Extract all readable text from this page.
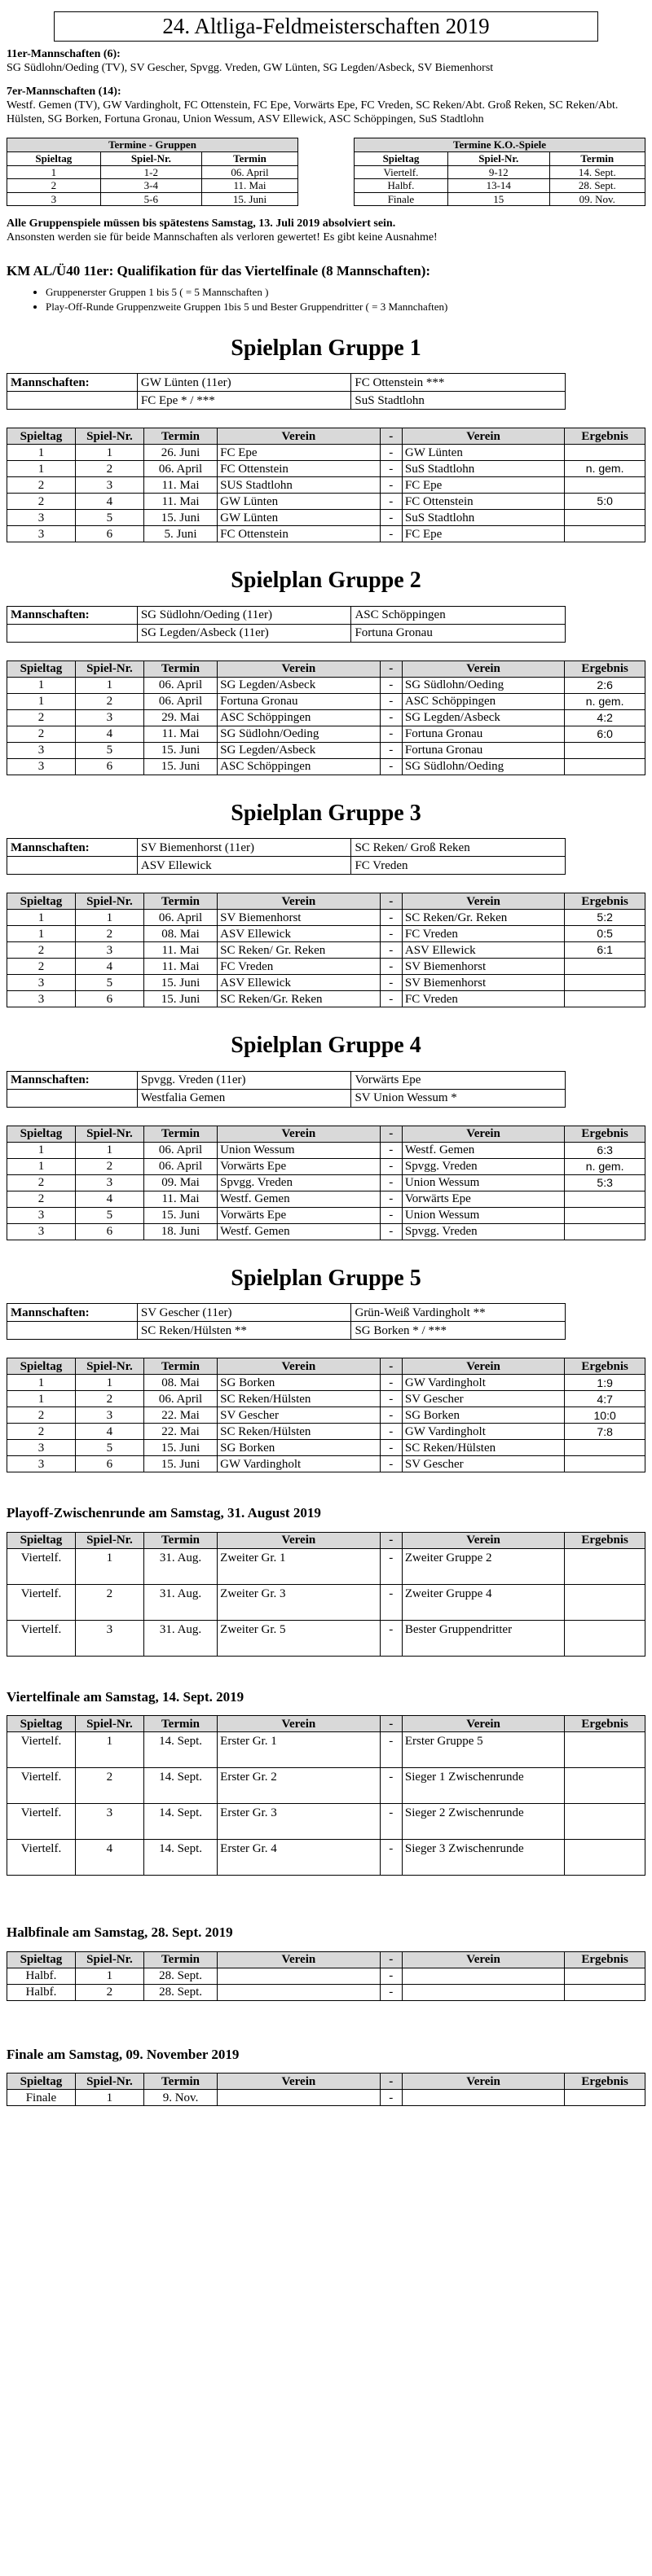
24. Altliga-Feldmeisterschaften 2019

11er-Mannschaften (6):

SG Südlohn/Oeding (TV), SV Gescher, Spvgg. Vreden, GW Lünten, SG Legden/Asbeck, SV Biemenhorst

7er-Mannschaften (14):

Westf. Gemen (TV), GW Vardingholt, FC Ottenstein, FC Epe, Vorwärts Epe, FC Vreden, SC Reken/Abt. Groß Reken, SC Reken/Abt. Hülsten, SG Borken, Fortuna Gronau, Union Wessum, ASV Ellewick, ASC Schöppingen, SuS Stadtlohn

Termine - Gruppen		
Spieltag	Spiel-Nr.	Termin
1	1-2	06. April
2	3-4	11. Mai
3	5-6	15. Juni
Termine K.O.-Spiele		
Spieltag	Spiel-Nr.	Termin
Viertelf.	9-12	14. Sept.
Halbf.	13-14	28. Sept.
Finale	15	09. Nov.

Alle Gruppenspiele müssen bis spätestens Samstag, 13. Juli 2019 absolviert sein.

Ansonsten werden sie für beide Mannschaften als verloren gewertet! Es gibt keine Ausnahme!

KM AL/Ü40 11er: Qualifikation für das Viertelfinale (8 Mannschaften):
• Gruppenerster Gruppen 1 bis 5 ( = 5 Mannschaften )
• Play-Off-Runde Gruppenzweite Gruppen 1bis 5 und Bester Gruppendritter ( = 3 Mannchaften)
Spielplan Gruppe 1
Mannschaften:	GW Lünten (11er)	FC Ottenstein ***
	FC Epe * / ***	SuS Stadtlohn
Spieltag	Spiel-Nr.	Termin	Verein	-	Verein	Ergebnis
1	1	26. Juni	FC Epe	-	GW Lünten	
1	2	06. April	FC Ottenstein	-	SuS Stadtlohn	n. gem.
2	3	11. Mai	SUS Stadtlohn	-	FC Epe	
2	4	11. Mai	GW Lünten	-	FC Ottenstein	5:0
3	5	15. Juni	GW Lünten	-	SuS Stadtlohn	
3	6	5. Juni	FC Ottenstein	-	FC Epe	
Spielplan Gruppe 2
Mannschaften:	SG Südlohn/Oeding (11er)	ASC Schöppingen
	SG Legden/Asbeck (11er)	Fortuna Gronau
Spieltag	Spiel-Nr.	Termin	Verein	-	Verein	Ergebnis
1	1	06. April	SG Legden/Asbeck	-	SG Südlohn/Oeding	2:6
1	2	06. April	Fortuna Gronau	-	ASC Schöppingen	n. gem.
2	3	29. Mai	ASC Schöppingen	-	SG Legden/Asbeck	4:2
2	4	11. Mai	SG Südlohn/Oeding	-	Fortuna Gronau	6:0
3	5	15. Juni	SG Legden/Asbeck	-	Fortuna Gronau	
3	6	15. Juni	ASC Schöppingen	-	SG Südlohn/Oeding	
Spielplan Gruppe 3
Mannschaften:	SV Biemenhorst (11er)	SC Reken/ Groß Reken
	ASV Ellewick	FC Vreden
Spieltag	Spiel-Nr.	Termin	Verein	-	Verein	Ergebnis
1	1	06. April	SV Biemenhorst	-	SC Reken/Gr. Reken	5:2
1	2	08. Mai	ASV Ellewick	-	FC Vreden	0:5
2	3	11. Mai	SC Reken/ Gr. Reken	-	ASV Ellewick	6:1
2	4	11. Mai	FC Vreden	-	SV Biemenhorst	
3	5	15. Juni	ASV Ellewick	-	SV Biemenhorst	
3	6	15. Juni	SC Reken/Gr. Reken	-	FC Vreden	
Spielplan Gruppe 4
Mannschaften:	Spvgg. Vreden (11er)	Vorwärts Epe
	Westfalia Gemen	SV Union Wessum *
Spieltag	Spiel-Nr.	Termin	Verein	-	Verein	Ergebnis
1	1	06. April	Union Wessum	-	Westf. Gemen	6:3
1	2	06. April	Vorwärts Epe	-	Spvgg. Vreden	n. gem.
2	3	09. Mai	Spvgg. Vreden	-	Union Wessum	5:3
2	4	11. Mai	Westf. Gemen	-	Vorwärts Epe	
3	5	15. Juni	Vorwärts Epe	-	Union Wessum	
3	6	18. Juni	Westf. Gemen	-	Spvgg. Vreden	
Spielplan Gruppe 5
Mannschaften:	SV Gescher (11er)	Grün-Weiß Vardingholt **
	SC Reken/Hülsten **	SG Borken * / ***
Spieltag	Spiel-Nr.	Termin	Verein	-	Verein	Ergebnis
1	1	08. Mai	SG Borken	-	GW Vardingholt	1:9
1	2	06. April	SC Reken/Hülsten	-	SV Gescher	4:7
2	3	22. Mai	SV Gescher	-	SG Borken	10:0
2	4	22. Mai	SC Reken/Hülsten	-	GW Vardingholt	7:8
3	5	15. Juni	SG Borken	-	SC Reken/Hülsten	
3	6	15. Juni	GW Vardingholt	-	SV Gescher	
Playoff-Zwischenrunde am Samstag, 31. August 2019
Spieltag	Spiel-Nr.	Termin	Verein	-	Verein	Ergebnis
Viertelf.	1	31. Aug.	Zweiter Gr. 1	-	Zweiter Gruppe 2	
Viertelf.	2	31. Aug.	Zweiter Gr. 3	-	Zweiter Gruppe 4	
Viertelf.	3	31. Aug.	Zweiter Gr. 5	-	Bester Gruppendritter	
Viertelfinale am Samstag, 14. Sept. 2019
Spieltag	Spiel-Nr.	Termin	Verein	-	Verein	Ergebnis
Viertelf.	1	14. Sept.	Erster Gr. 1	-	Erster Gruppe 5	
Viertelf.	2	14. Sept.	Erster Gr. 2	-	Sieger 1 Zwischenrunde	
Viertelf.	3	14. Sept.	Erster Gr. 3	-	Sieger 2 Zwischenrunde	
Viertelf.	4	14. Sept.	Erster Gr. 4	-	Sieger 3 Zwischenrunde	
Halbfinale am Samstag, 28. Sept. 2019
Spieltag	Spiel-Nr.	Termin	Verein	-	Verein	Ergebnis
Halbf.	1	28. Sept.		-		
Halbf.	2	28. Sept.		-		
Finale am Samstag, 09. November 2019
Spieltag	Spiel-Nr.	Termin	Verein	-	Verein	Ergebnis
Finale	1	9. Nov.		-		
